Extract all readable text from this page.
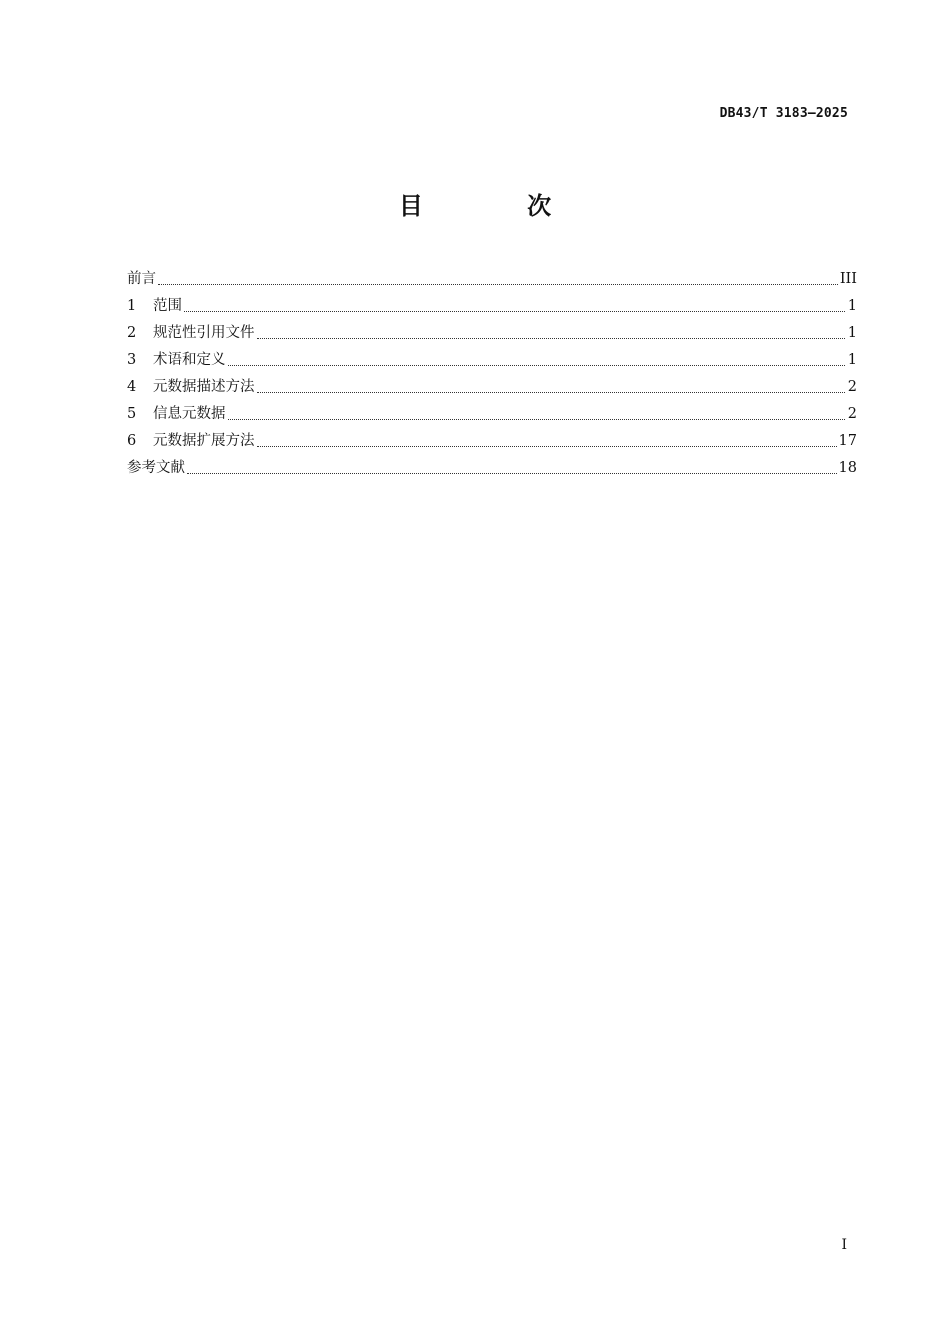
DB43/T 3183—2025
目 次
前言	III
1	范围	1
2	规范性引用文件	1
3	术语和定义	1
4	元数据描述方法	2
5	信息元数据	2
6	元数据扩展方法	17
参考文献	18
I
